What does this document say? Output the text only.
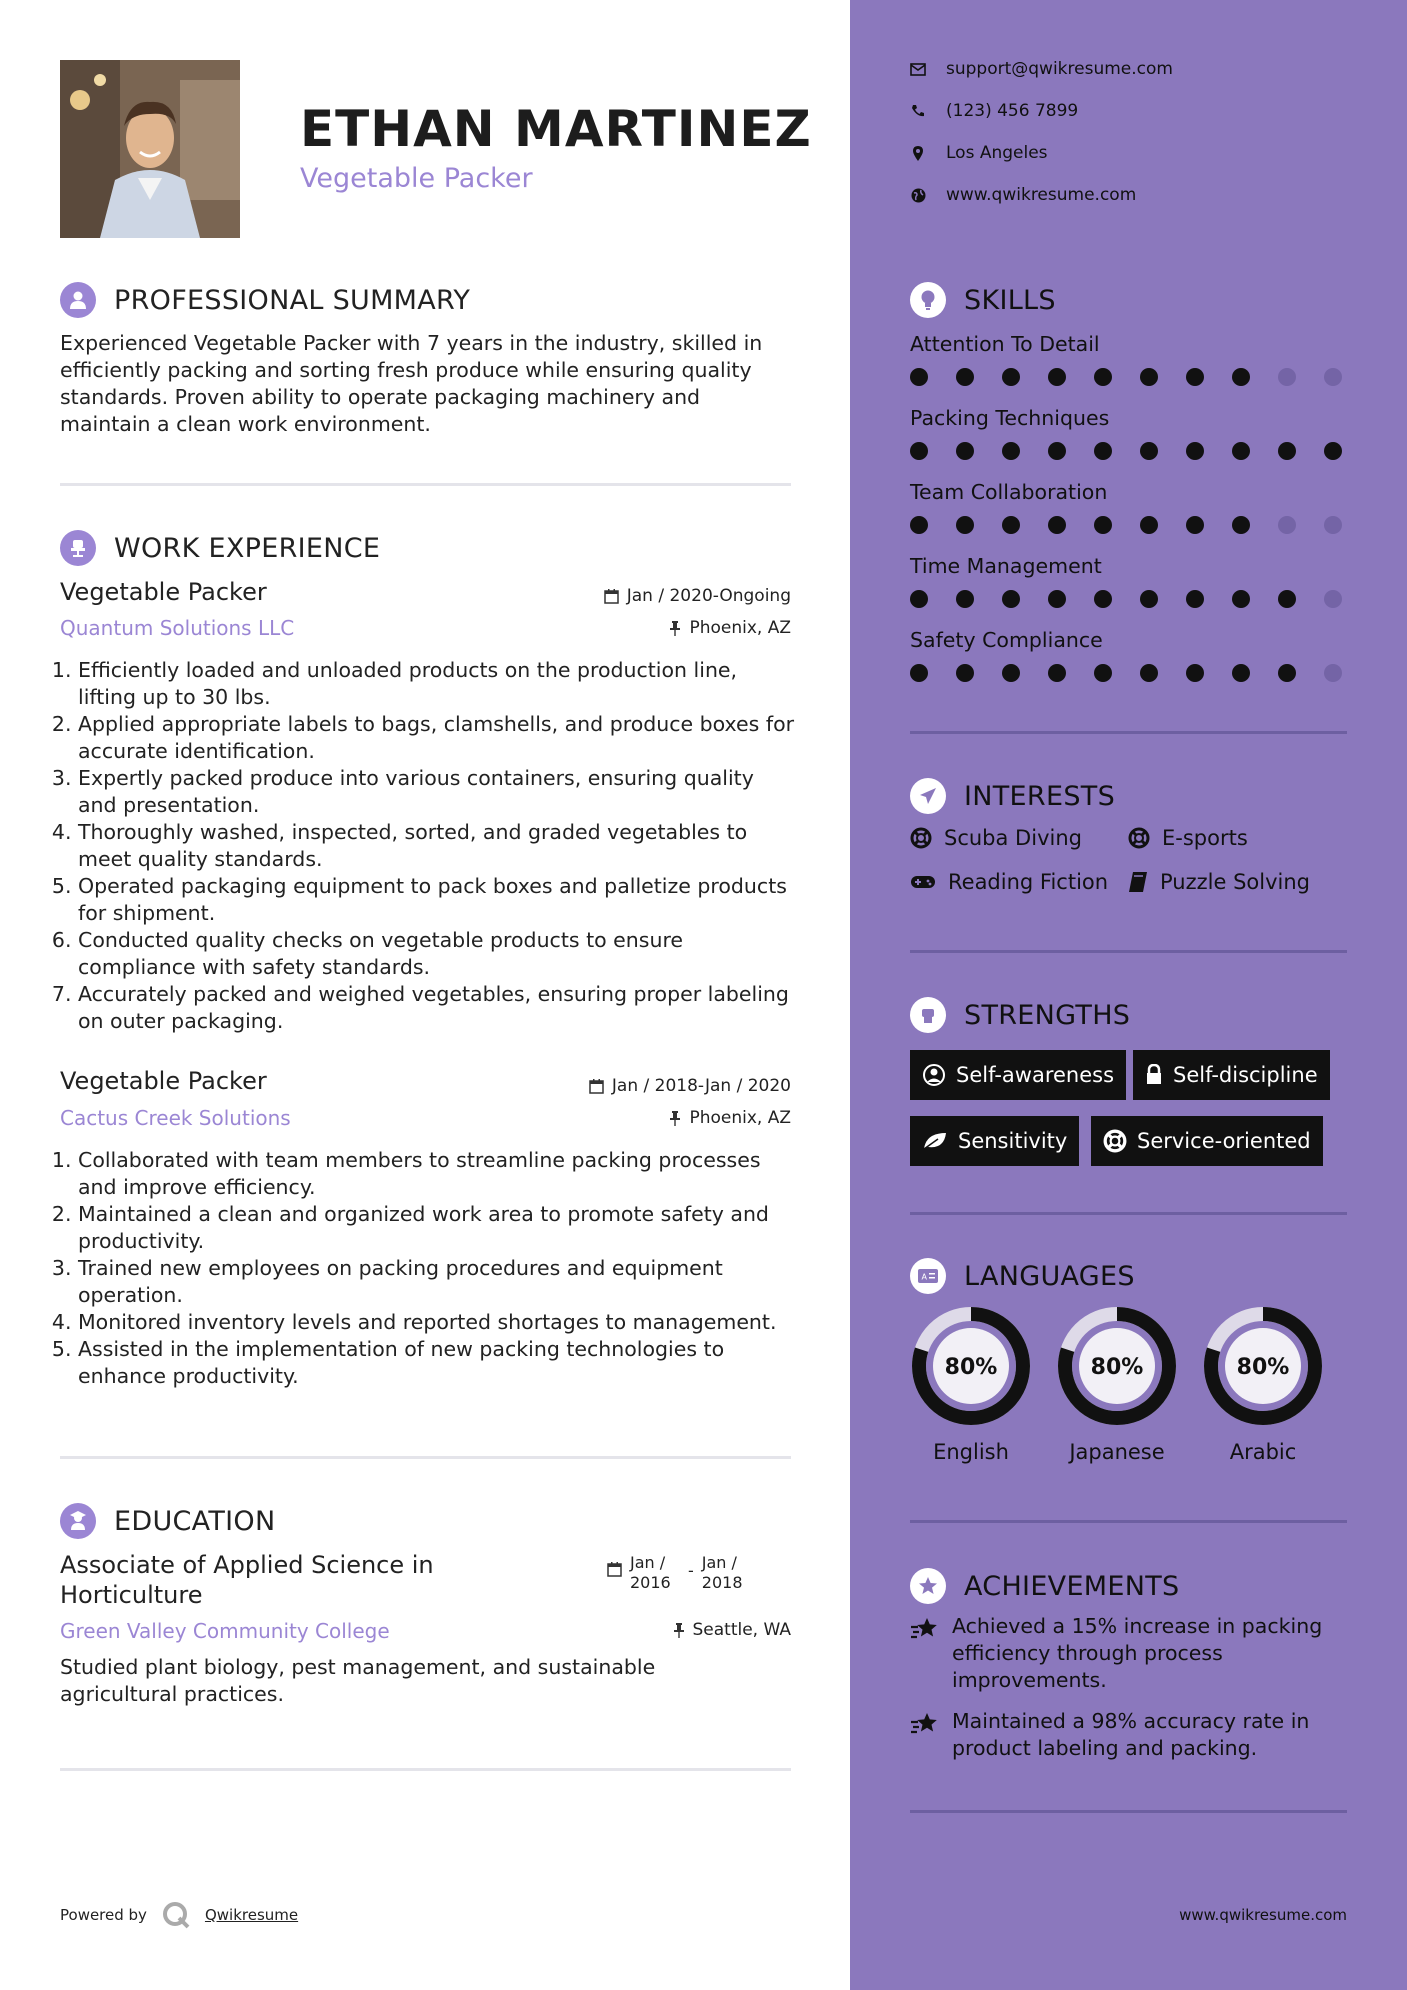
ETHAN MARTINEZ
Vegetable Packer
PROFESSIONAL SUMMARY
Experienced Vegetable Packer with 7 years in the industry, skilled in efficiently packing and sorting fresh produce while ensuring quality standards. Proven ability to operate packaging machinery and maintain a clean work environment.
WORK EXPERIENCE
Vegetable Packer	Jan / 2020-Ongoing
Quantum Solutions LLC	Phoenix, AZ
1. Efficiently loaded and unloaded products on the production line, lifting up to 30 lbs.
2. Applied appropriate labels to bags, clamshells, and produce boxes for accurate identification.
3. Expertly packed produce into various containers, ensuring quality and presentation.
4. Thoroughly washed, inspected, sorted, and graded vegetables to meet quality standards.
5. Operated packaging equipment to pack boxes and palletize products for shipment.
6. Conducted quality checks on vegetable products to ensure compliance with safety standards.
7. Accurately packed and weighed vegetables, ensuring proper labeling on outer packaging.
Vegetable Packer	Jan / 2018-Jan / 2020
Cactus Creek Solutions	Phoenix, AZ
1. Collaborated with team members to streamline packing processes and improve efficiency.
2. Maintained a clean and organized work area to promote safety and productivity.
3. Trained new employees on packing procedures and equipment operation.
4. Monitored inventory levels and reported shortages to management.
5. Assisted in the implementation of new packing technologies to enhance productivity.
EDUCATION
Associate of Applied Science in
Horticulture
Jan /
2016
- Jan /
2018
Green Valley Community College	Seattle, WA
Studied plant biology, pest management, and sustainable agricultural practices.
Powered by	Qwikresume
support@qwikresume.com
(123) 456 7899
Los Angeles
www.qwikresume.com
SKILLS
Attention To Detail
Packing Techniques
Team Collaboration
Time Management
Safety Compliance
INTERESTS
Scuba Diving	E-sports
Reading Fiction Puzzle Solving
STRENGTHS
Self-awareness	Self-discipline
Sensitivity	Service-oriented
A LANGUAGES
80%
English
80%
Japanese
80%
Arabic
ACHIEVEMENTS
Achieved a 15% increase in packing
efficiency through process
improvements.
Maintained a 98% accuracy rate in
product labeling and packing.
www.qwikresume.com
